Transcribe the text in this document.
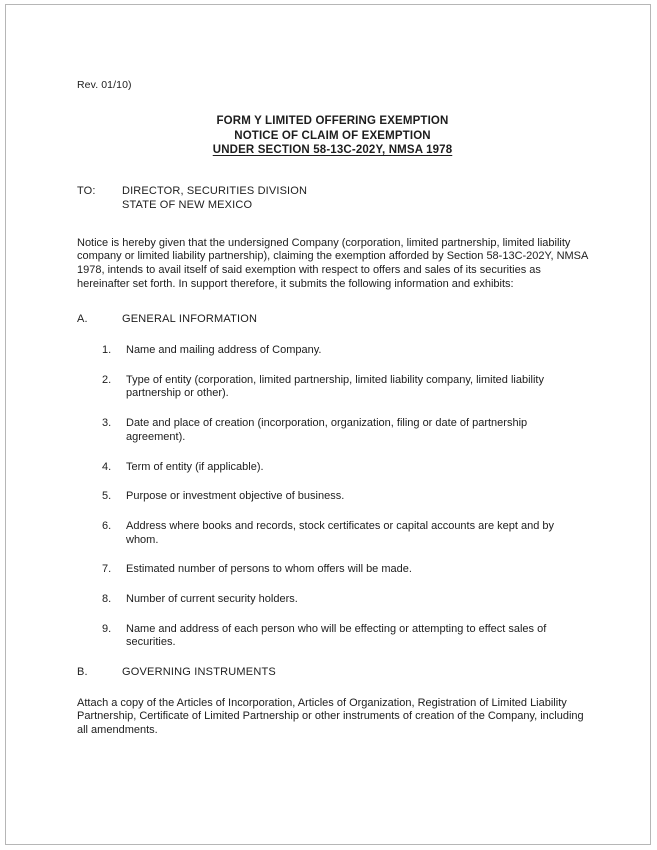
Rev. 01/10)
FORM Y LIMITED OFFERING EXEMPTION
NOTICE OF CLAIM OF EXEMPTION
UNDER SECTION 58-13C-202Y, NMSA 1978
TO:	DIRECTOR, SECURITIES DIVISION
STATE OF NEW MEXICO

Notice is hereby given that the undersigned Company (corporation, limited partnership, limited liability company or limited liability partnership), claiming the exemption afforded by Section 58-13C-202Y, NMSA 1978, intends to avail itself of said exemption with respect to offers and sales of its securities as hereinafter set forth. In support therefore, it submits the following information and exhibits:

A.	GENERAL INFORMATION
1.	Name and mailing address of Company.
2.	Type of entity (corporation, limited partnership, limited liability company, limited liability partnership or other).
3.	Date and place of creation (incorporation, organization, filing or date of partnership agreement).
4.	Term of entity (if applicable).
5.	Purpose or investment objective of business.
6.	Address where books and records, stock certificates or capital accounts are kept and by whom.
7.	Estimated number of persons to whom offers will be made.
8.	Number of current security holders.
9.	Name and address of each person who will be effecting or attempting to effect sales of securities.
B.	GOVERNING INSTRUMENTS

Attach a copy of the Articles of Incorporation, Articles of Organization, Registration of Limited Liability Partnership, Certificate of Limited Partnership or other instruments of creation of the Company, including all amendments.
